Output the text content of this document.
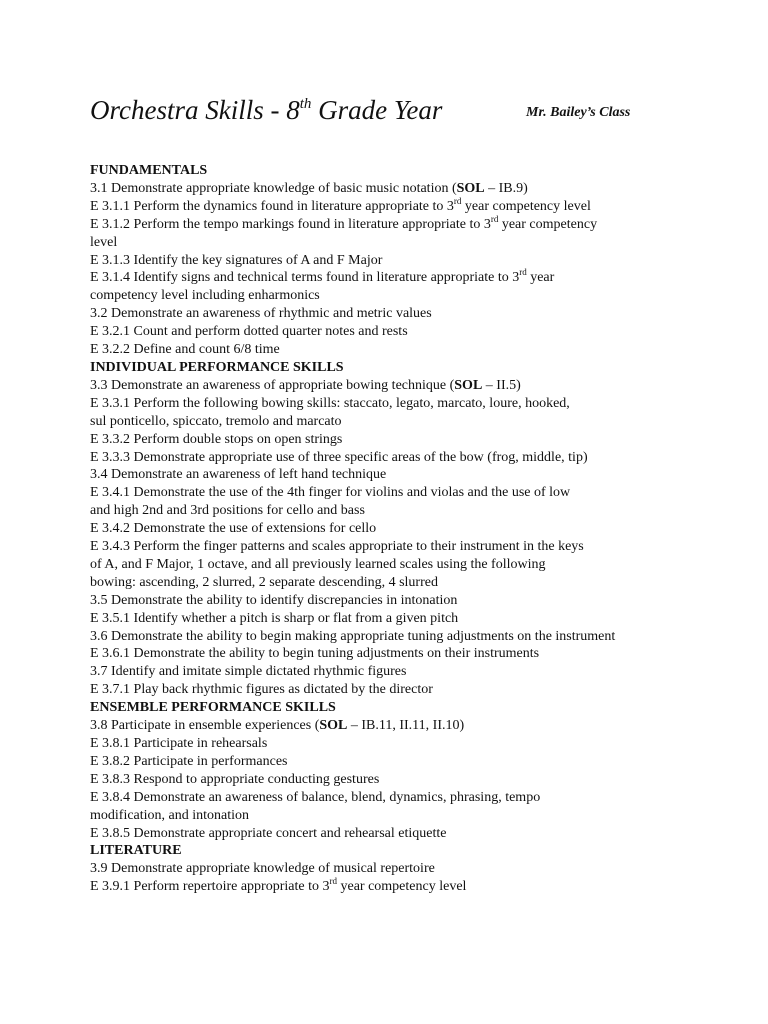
Orchestra Skills - 8th Grade Year	Mr. Bailey’s Class
FUNDAMENTALS
3.1 Demonstrate appropriate knowledge of basic music notation (SOL – IB.9)
E 3.1.1 Perform the dynamics found in literature appropriate to 3rd year competency level
E 3.1.2 Perform the tempo markings found in literature appropriate to 3rd year competency
level
E 3.1.3 Identify the key signatures of A and F Major
E 3.1.4 Identify signs and technical terms found in literature appropriate to 3rd year
competency level including enharmonics
3.2 Demonstrate an awareness of rhythmic and metric values
E 3.2.1 Count and perform dotted quarter notes and rests
E 3.2.2 Define and count 6/8 time
INDIVIDUAL PERFORMANCE SKILLS
3.3 Demonstrate an awareness of appropriate bowing technique (SOL – II.5)
E 3.3.1 Perform the following bowing skills: staccato, legato, marcato, loure, hooked,
sul ponticello, spiccato, tremolo and marcato
E 3.3.2 Perform double stops on open strings
E 3.3.3 Demonstrate appropriate use of three specific areas of the bow (frog, middle, tip)
3.4 Demonstrate an awareness of left hand technique
E 3.4.1 Demonstrate the use of the 4th finger for violins and violas and the use of low
and high 2nd and 3rd positions for cello and bass
E 3.4.2 Demonstrate the use of extensions for cello
E 3.4.3 Perform the finger patterns and scales appropriate to their instrument in the keys
of A, and F Major, 1 octave, and all previously learned scales using the following
bowing: ascending, 2 slurred, 2 separate descending, 4 slurred
3.5 Demonstrate the ability to identify discrepancies in intonation
E 3.5.1 Identify whether a pitch is sharp or flat from a given pitch
3.6 Demonstrate the ability to begin making appropriate tuning adjustments on the instrument
E 3.6.1 Demonstrate the ability to begin tuning adjustments on their instruments
3.7 Identify and imitate simple dictated rhythmic figures
E 3.7.1 Play back rhythmic figures as dictated by the director
ENSEMBLE PERFORMANCE SKILLS
3.8 Participate in ensemble experiences (SOL – IB.11, II.11, II.10)
E 3.8.1 Participate in rehearsals
E 3.8.2 Participate in performances
E 3.8.3 Respond to appropriate conducting gestures
E 3.8.4 Demonstrate an awareness of balance, blend, dynamics, phrasing, tempo
modification, and intonation
E 3.8.5 Demonstrate appropriate concert and rehearsal etiquette
LITERATURE
3.9 Demonstrate appropriate knowledge of musical repertoire
E 3.9.1 Perform repertoire appropriate to 3rd year competency level
